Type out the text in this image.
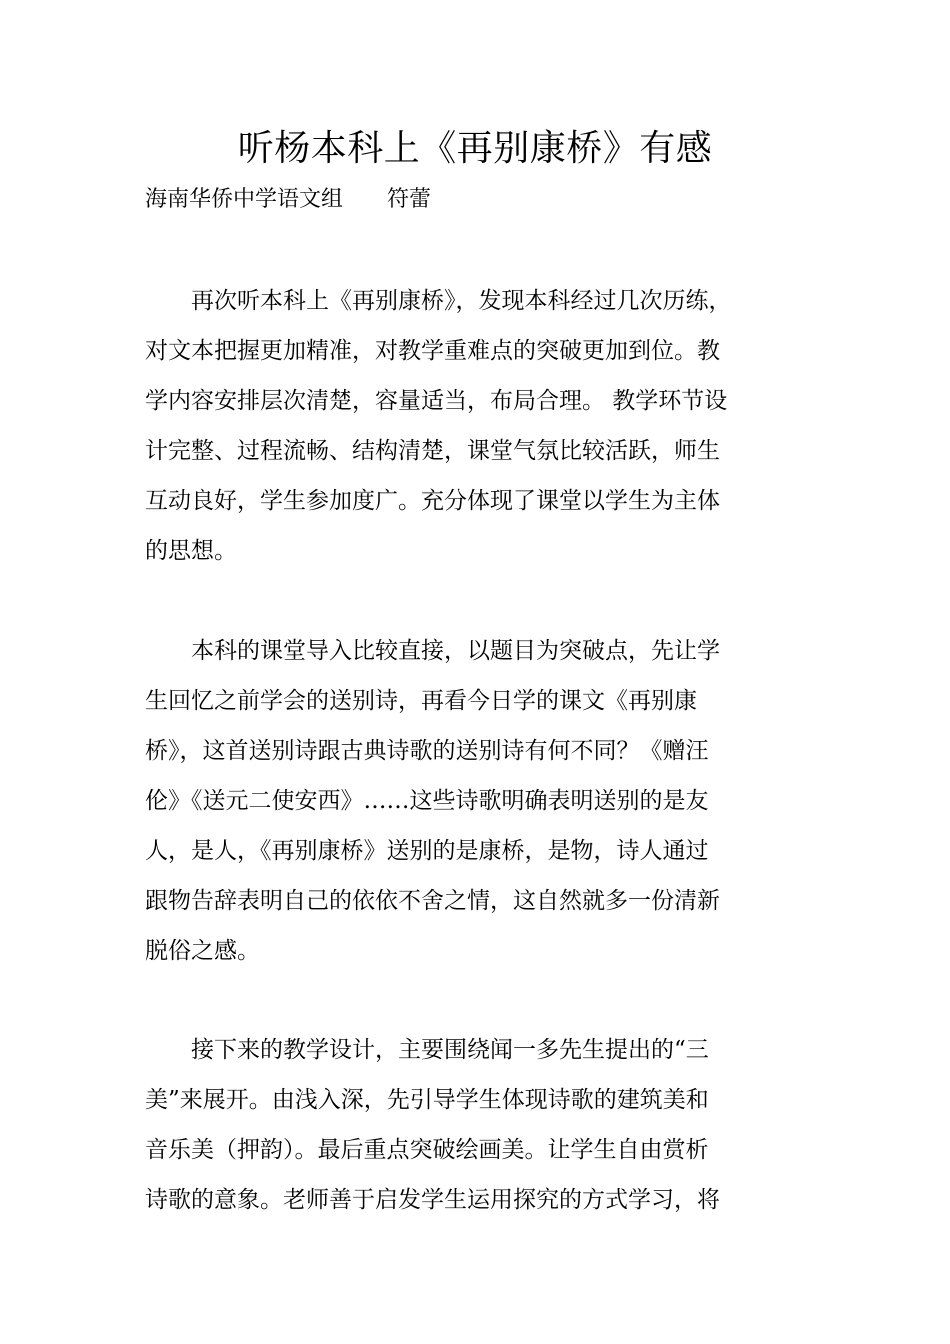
听杨本科上《再别康桥》有感
海南华侨中学语文组　　符蕾
　　再次听本科上《再别康桥》，发现本科经过几次历练，
对文本把握更加精准，对教学重难点的突破更加到位。教
学内容安排层次清楚，容量适当，布局合理。 教学环节设
计完整、过程流畅、结构清楚，课堂气氛比较活跃，师生
互动良好，学生参加度广。充分体现了课堂以学生为主体
的思想。
　　本科的课堂导入比较直接，以题目为突破点，先让学
生回忆之前学会的送别诗，再看今日学的课文《再别康
桥》，这首送别诗跟古典诗歌的送别诗有何不同？《赠汪
伦》《送元二使安西》……这些诗歌明确表明送别的是友
人，是人，《再别康桥》送别的是康桥，是物，诗人通过
跟物告辞表明自己的依依不舍之情，这自然就多一份清新
脱俗之感。
　　接下来的教学设计，主要围绕闻一多先生提出的“三
美”来展开。由浅入深，先引导学生体现诗歌的建筑美和
音乐美（押韵）。最后重点突破绘画美。让学生自由赏析
诗歌的意象。老师善于启发学生运用探究的方式学习，将
